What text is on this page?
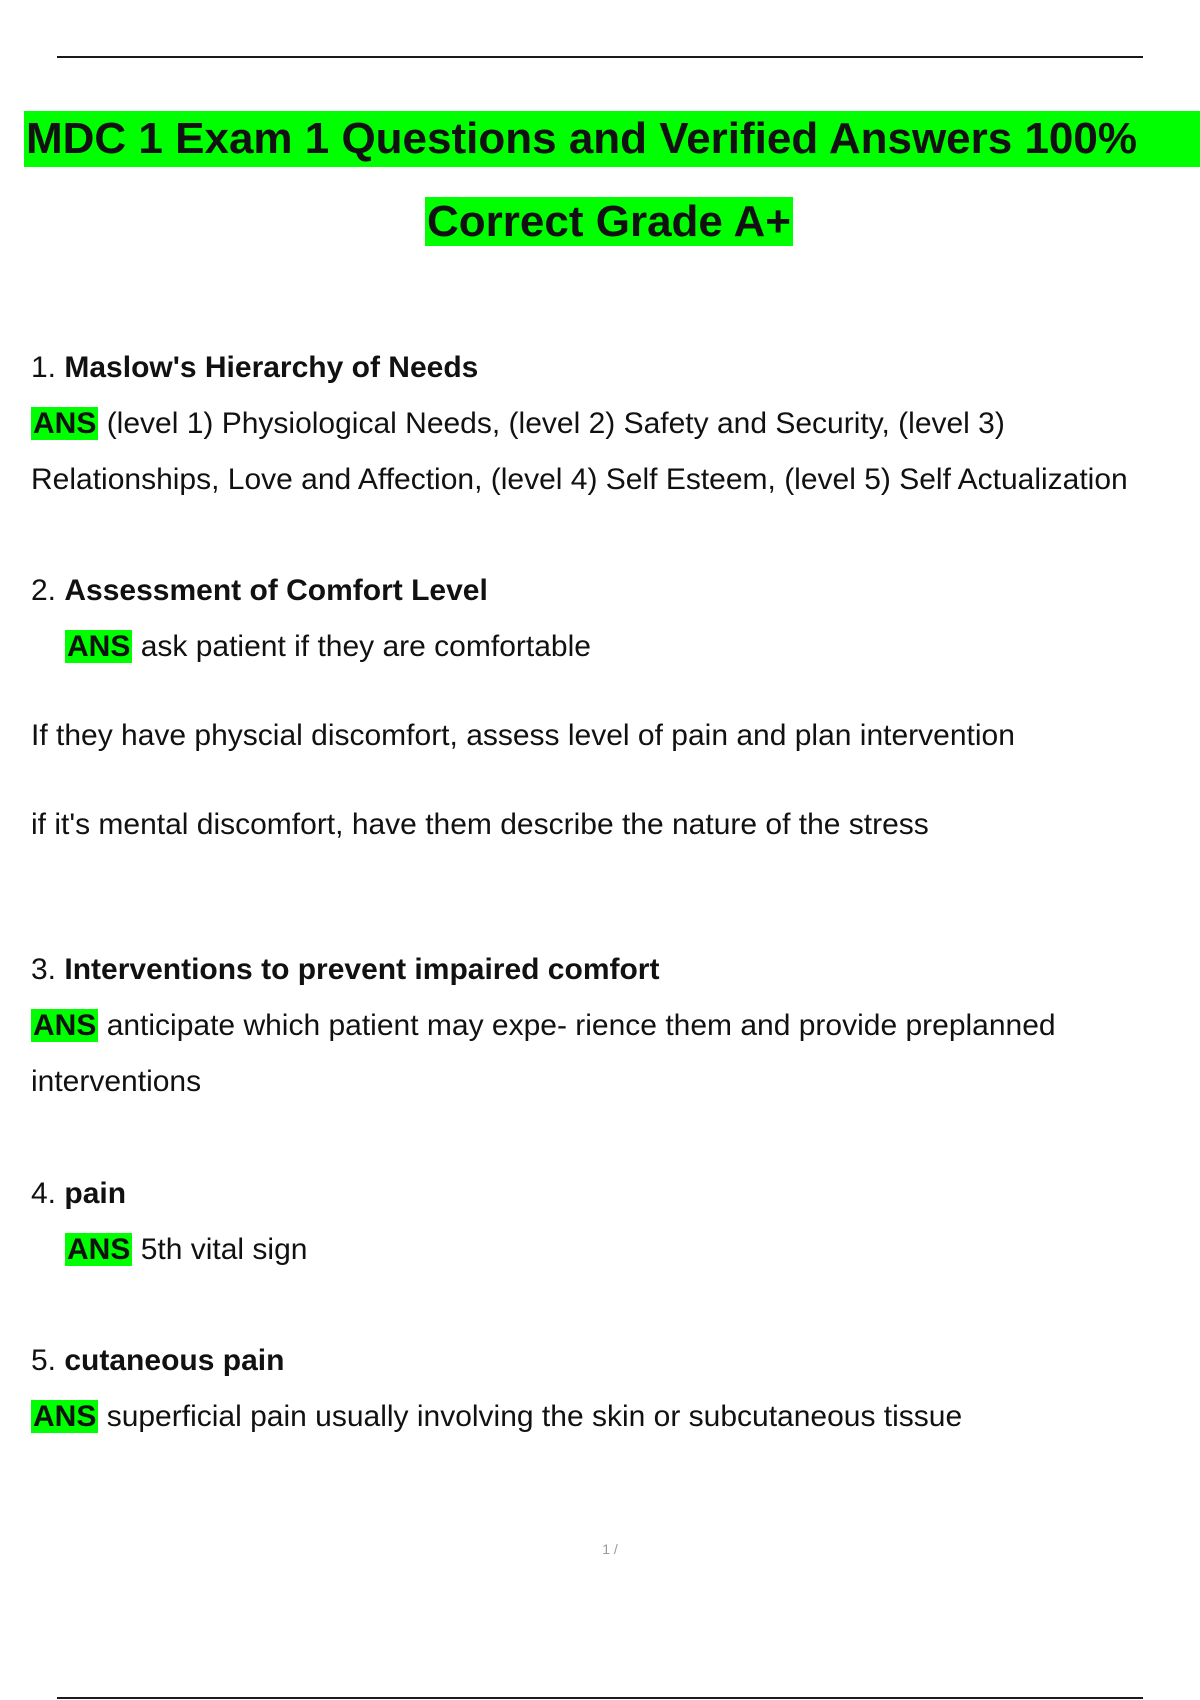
MDC 1 Exam 1 Questions and Verified Answers 100%
Correct Grade A+
1. Maslow's Hierarchy of Needs
ANS (level 1) Physiological Needs, (level 2) Safety and Security, (level 3)
Relationships, Love and Affection, (level 4) Self Esteem, (level 5) Self Actualization
2. Assessment of Comfort Level
ANS ask patient if they are comfortable
If they have physcial discomfort, assess level of pain and plan intervention
if it's mental discomfort, have them describe the nature of the stress
3. Interventions to prevent impaired comfort
ANS anticipate which patient may expe- rience them and provide preplanned
interventions
4. pain
ANS 5th vital sign
5. cutaneous pain
ANS superficial pain usually involving the skin or subcutaneous tissue
1 /
